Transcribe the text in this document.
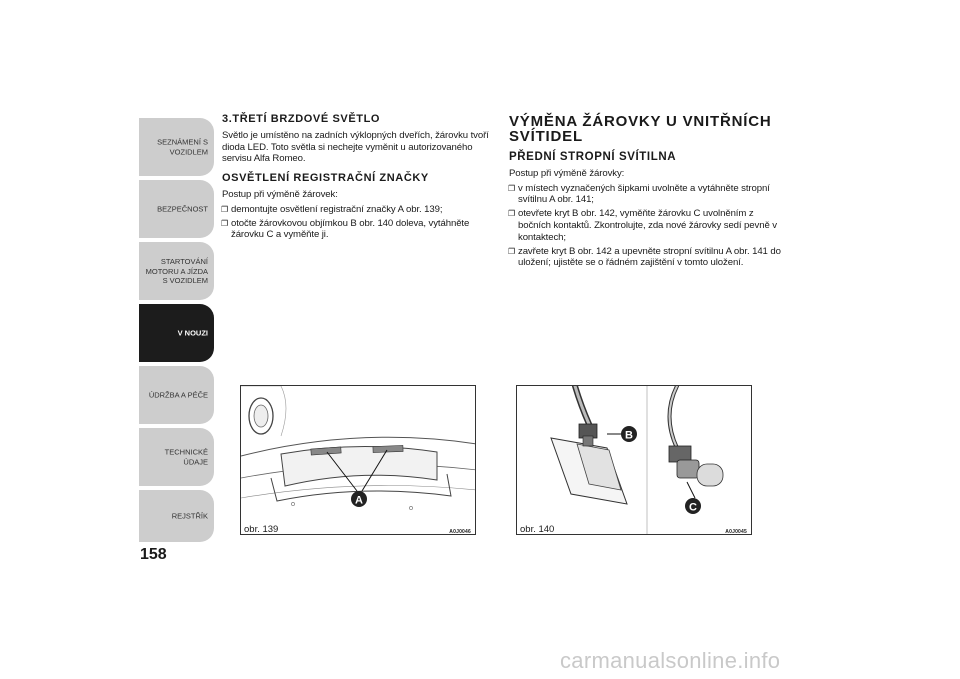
SEZNÁMENÍ S VOZIDLEM
BEZPEČNOST
STARTOVÁNÍ MOTORU A JÍZDA S VOZIDLEM
V NOUZI
ÚDRŽBA A PÉČE
TECHNICKÉ ÚDAJE
REJSTŘÍK
158
3.TŘETÍ BRZDOVÉ SVĚTLO

Světlo je umístěno na zadních výklopných dveřích, žárovku tvoří dioda LED. Toto světla si nechejte vyměnit u autorizovaného servisu Alfa Romeo.

OSVĚTLENÍ REGISTRAČNÍ ZNAČKY

Postup při výměně žárovek:

❐ demontujte osvětlení registrační značky A obr. 139;
❐ otočte žárovkovou objímkou B obr. 140 doleva, vytáhněte žárovku C a vyměňte ji.
VÝMĚNA ŽÁROVKY U VNITŘNÍCH SVÍTIDEL
PŘEDNÍ STROPNÍ SVÍTILNA

Postup při výměně žárovky:

❐ v místech vyznačených šipkami uvolněte a vytáhněte stropní svítilnu A obr. 141;
❐ otevřete kryt B obr. 142, vyměňte žárovku C uvolněním z bočních kontaktů. Zkontrolujte, zda nové žárovky sedí pevně v kontaktech;
❐ zavřete kryt B obr. 142 a upevněte stropní svítilnu A obr. 141 do uložení; ujistěte se o řádném zajištění v tomto uložení.
A
obr. 139	A0J0046
B
C
obr. 140	A0J0045
carmanualsonline.info
